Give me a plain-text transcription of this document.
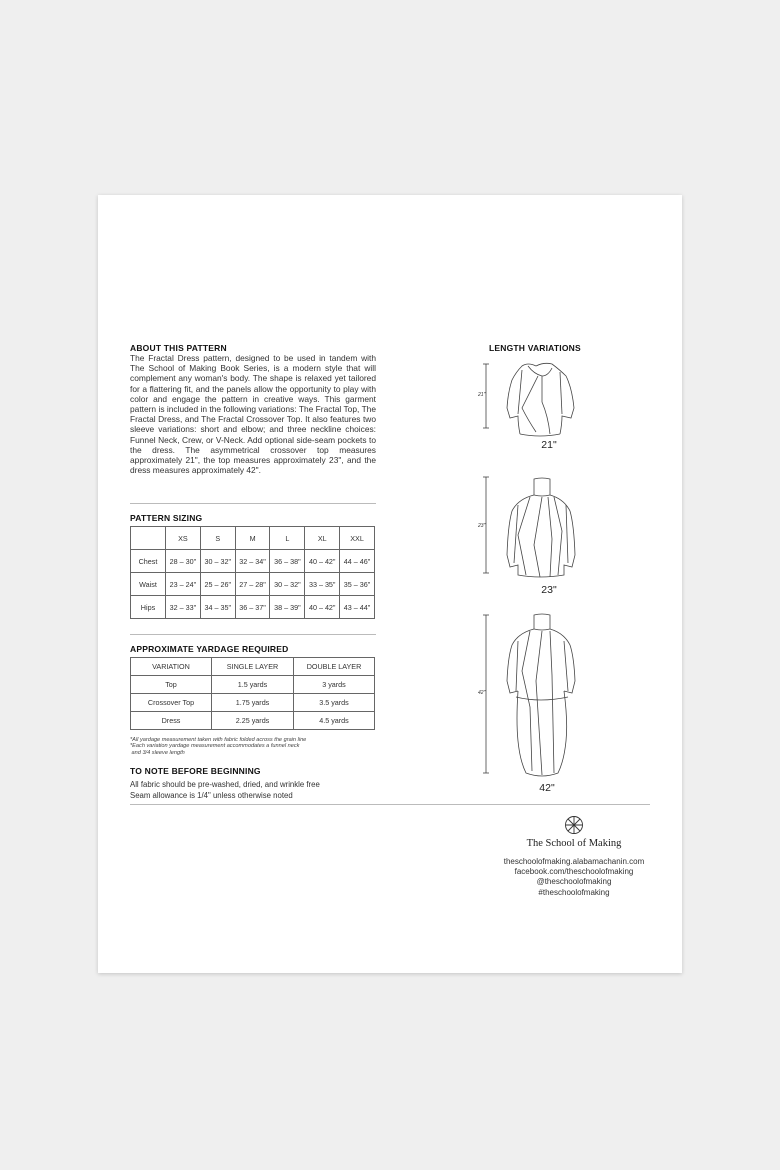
ABOUT THIS PATTERN
The Fractal Dress pattern, designed to be used in tandem with The School of Making Book Series, is a modern style that will complement any woman's body. The shape is relaxed yet tailored for a flattering fit, and the panels allow the opportunity to play with color and engage the pattern in creative ways. This garment pattern is included in the following variations: The Fractal Top, The Fractal Dress, and The Fractal Crossover Top. It also features two sleeve variations: short and elbow; and three neckline choices: Funnel Neck, Crew, or V-Neck. Add optional side-seam pockets to the dress. The asymmetrical crossover top measures approximately 21", the top measures approximately 23", and the dress measures approximately 42".
PATTERN SIZING
	XS	S	M	L	XL	XXL
Chest	28 – 30"	30 – 32"	32 – 34"	36 – 38"	40 – 42"	44 – 46"
Waist	23 – 24"	25 – 26"	27 – 28"	30 – 32"	33 – 35"	35 – 36"
Hips	32 – 33"	34 – 35"	36 – 37"	38 – 39"	40 – 42"	43 – 44"
APPROXIMATE YARDAGE REQUIRED
VARIATION	SINGLE LAYER	DOUBLE LAYER
Top	1.5 yards	3 yards
Crossover Top	1.75 yards	3.5 yards
Dress	2.25 yards	4.5 yards
*All yardage measurement taken with fabric folded across the grain line
*Each variation yardage measurement accommodates a funnel neck
and 3/4 sleeve length
TO NOTE BEFORE BEGINNING
All fabric should be pre-washed, dried, and wrinkle free
Seam allowance is 1/4" unless otherwise noted
LENGTH VARIATIONS
21"
21"
23"
23"
42"
42"
The School of Making
theschoolofmaking.alabamachanin.com
facebook.com/theschoolofmaking
@theschoolofmaking
#theschoolofmaking
